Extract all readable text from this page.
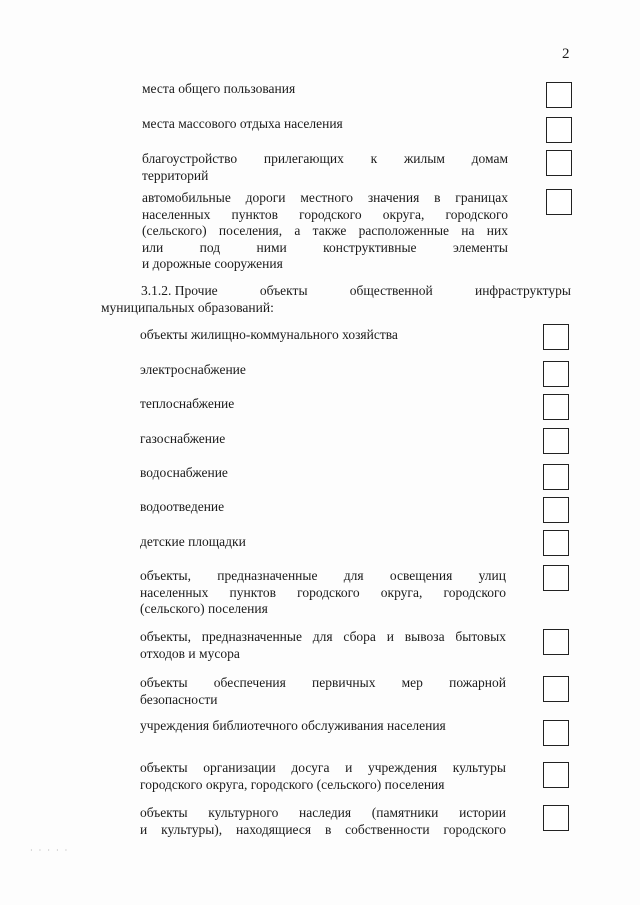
2
места общего пользования
места массового отдыха населения
благоустройство прилегающих к жилым домам
территорий
автомобильные дороги местного значения в границах
населенных пунктов городского округа, городского
(сельского) поселения, а также расположенные на них
или под ними конструктивные элементы
и дорожные сооружения
3.1.2. Прочие	объекты	общественной	инфраструктуры
муниципальных образований:
объекты жилищно-коммунального хозяйства
электроснабжение
теплоснабжение
газоснабжение
водоснабжение
водоотведение
детские площадки
объекты, предназначенные для освещения улиц
населенных пунктов городского округа, городского
(сельского) поселения
объекты, предназначенные для сбора и вывоза бытовых
отходов и мусора
объекты обеспечения первичных мер пожарной
безопасности
учреждения библиотечного обслуживания населения
объекты организации досуга и учреждения культуры
городского округа, городского (сельского) поселения
объекты культурного наследия (памятники истории
и культуры), находящиеся в собственности городского
· · · · ·
